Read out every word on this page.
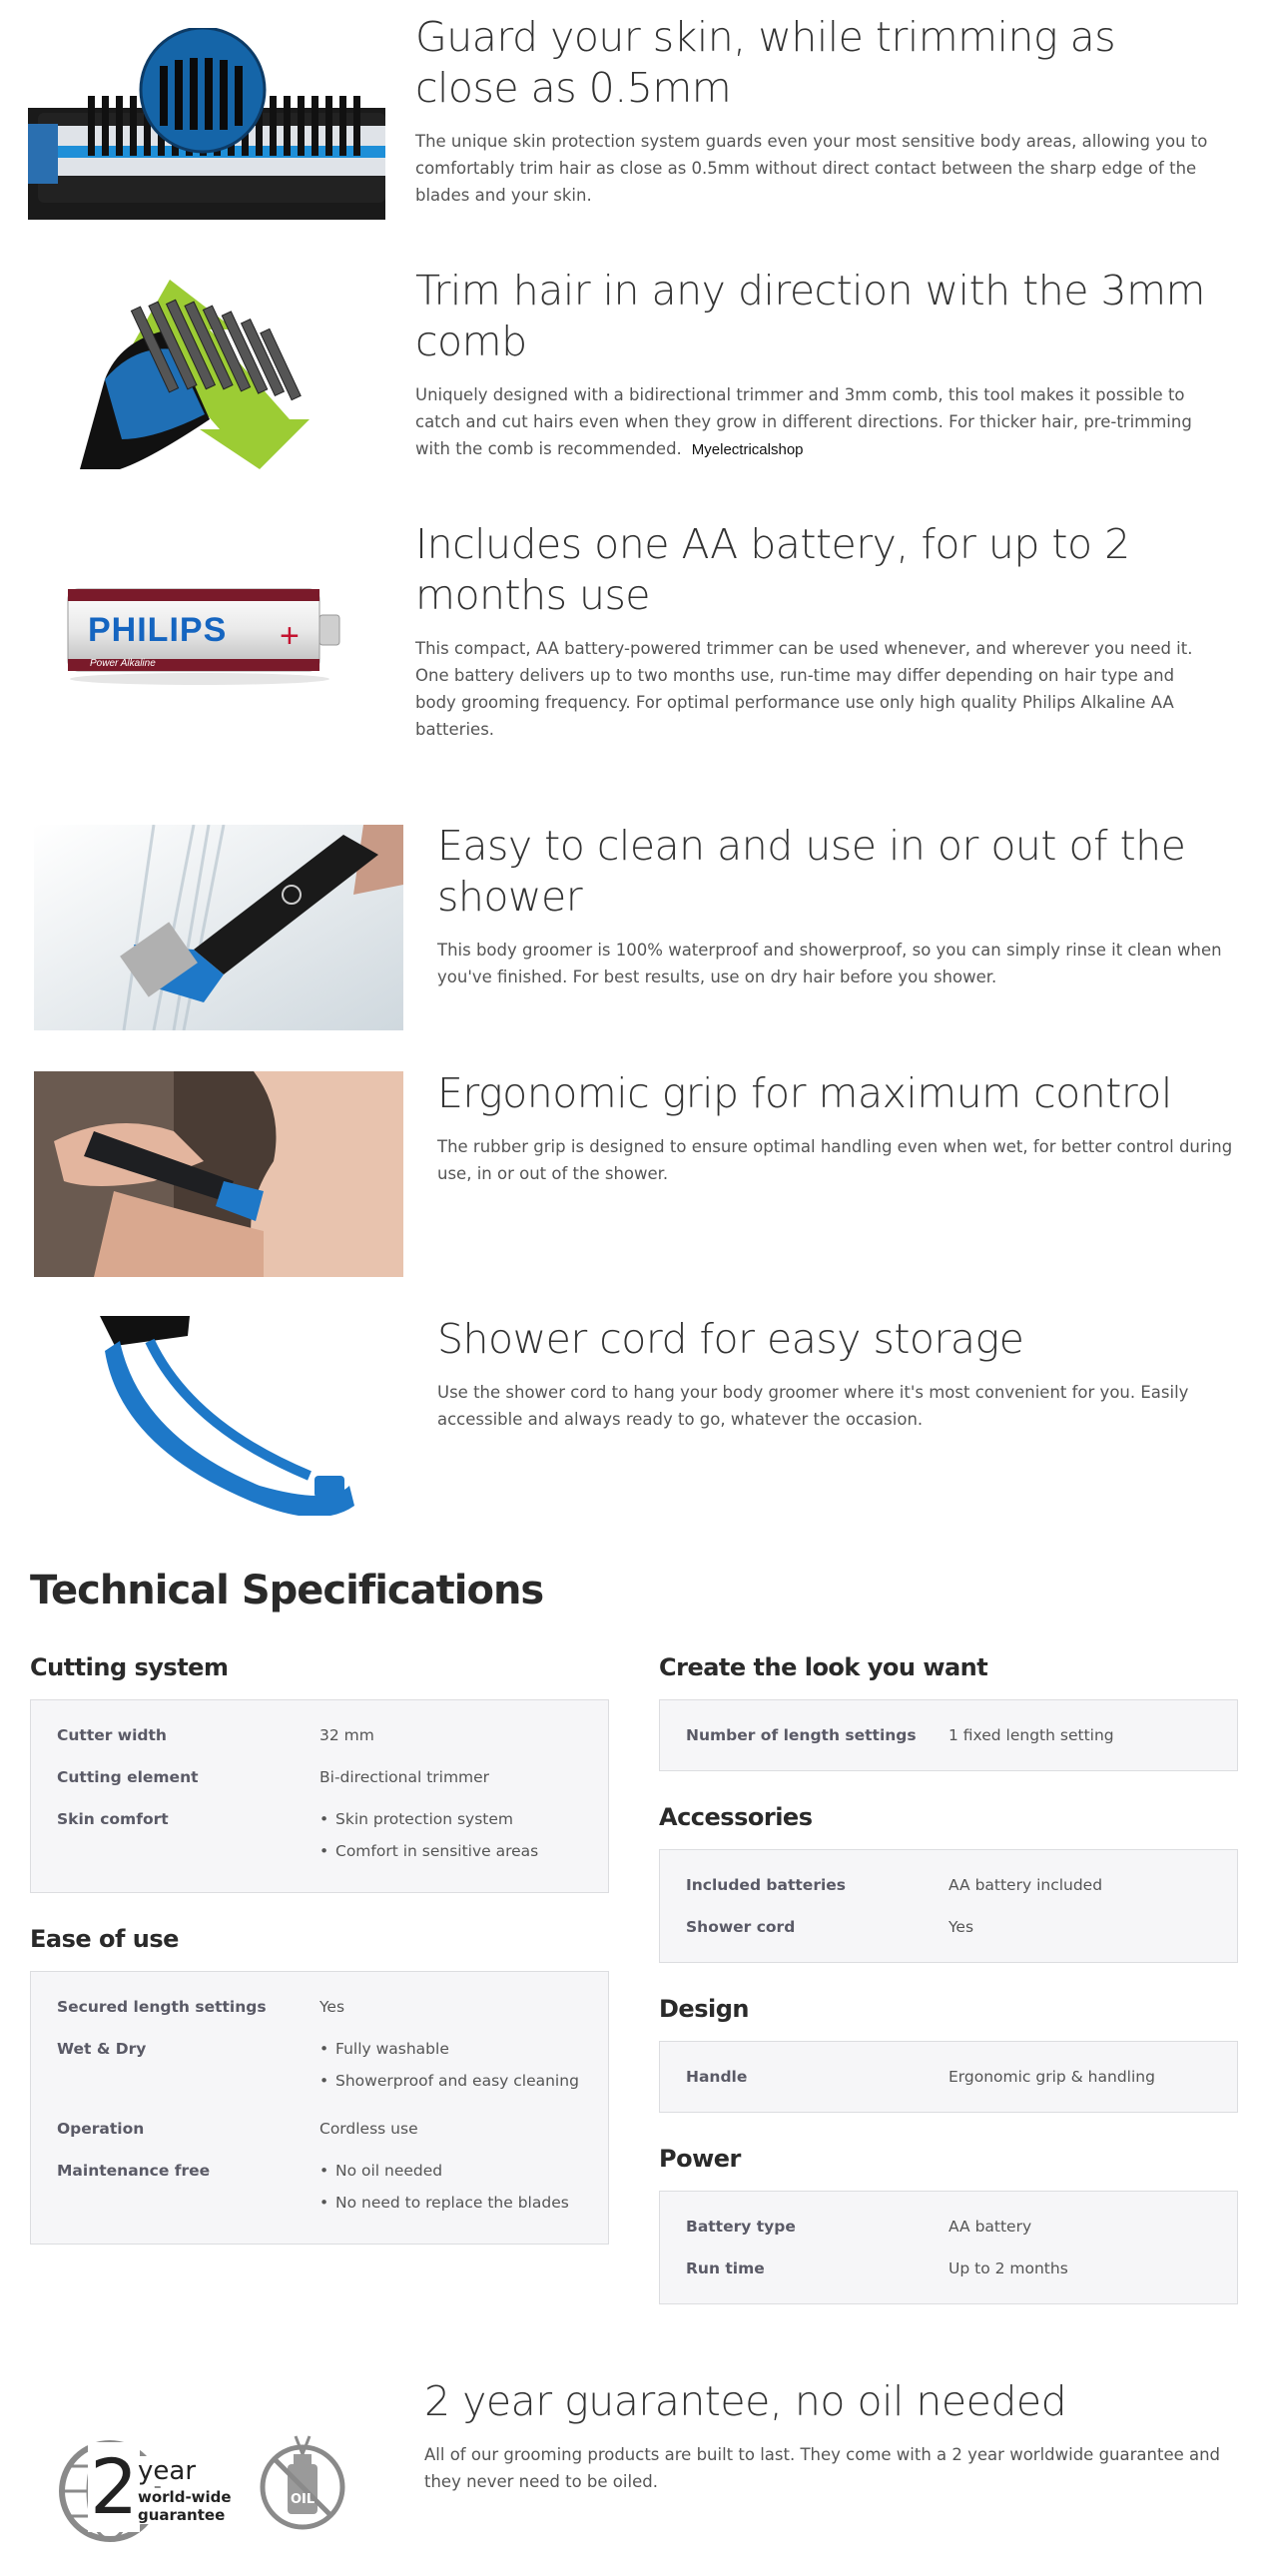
Guard your skin, while trimming as close as 0.5mm

The unique skin protection system guards even your most sensitive body areas, allowing you to comfortably trim hair as close as 0.5mm without direct contact between the sharp edge of the blades and your skin.

Trim hair in any direction with the 3mm comb

Uniquely designed with a bidirectional trimmer and 3mm comb, this tool makes it possible to catch and cut hairs even when they grow in different directions. For thicker hair, pre-trimming with the comb is recommended. Myelectricalshop

+
PHILIPS
Power Alkaline
Includes one AA battery, for up to 2 months use

This compact, AA battery-powered trimmer can be used whenever, and wherever you need it. One battery delivers up to two months use, run-time may differ depending on hair type and body grooming frequency. For optimal performance use only high quality Philips Alkaline AA batteries.

Easy to clean and use in or out of the shower

This body groomer is 100% waterproof and showerproof, so you can simply rinse it clean when you've finished. For best results, use on dry hair before you shower.

Ergonomic grip for maximum control

The rubber grip is designed to ensure optimal handling even when wet, for better control during use, in or out of the shower.

Shower cord for easy storage

Use the shower cord to hang your body groomer where it's most convenient for you. Easily accessible and always ready to go, whatever the occasion.

Technical Specifications
Cutting system
Cutter width	32 mm
Cutting element	Bi-directional trimmer
Skin comfort	• Skin protection system
• Comfort in sensitive areas
Ease of use
Secured length settings	Yes
Wet & Dry	• Fully washable
• Showerproof and easy cleaning
Operation	Cordless use
Maintenance free	• No oil needed
• No need to replace the blades
Create the look you want
Number of length settings	1 fixed length setting
Accessories
Included batteries	AA battery included
Shower cord	Yes
Design
Handle	Ergonomic grip & handling
Power
Battery type	AA battery
Run time	Up to 2 months
2 year
world-wide
guarantee
OIL
2 year guarantee, no oil needed

All of our grooming products are built to last. They come with a 2 year worldwide guarantee and they never need to be oiled.
